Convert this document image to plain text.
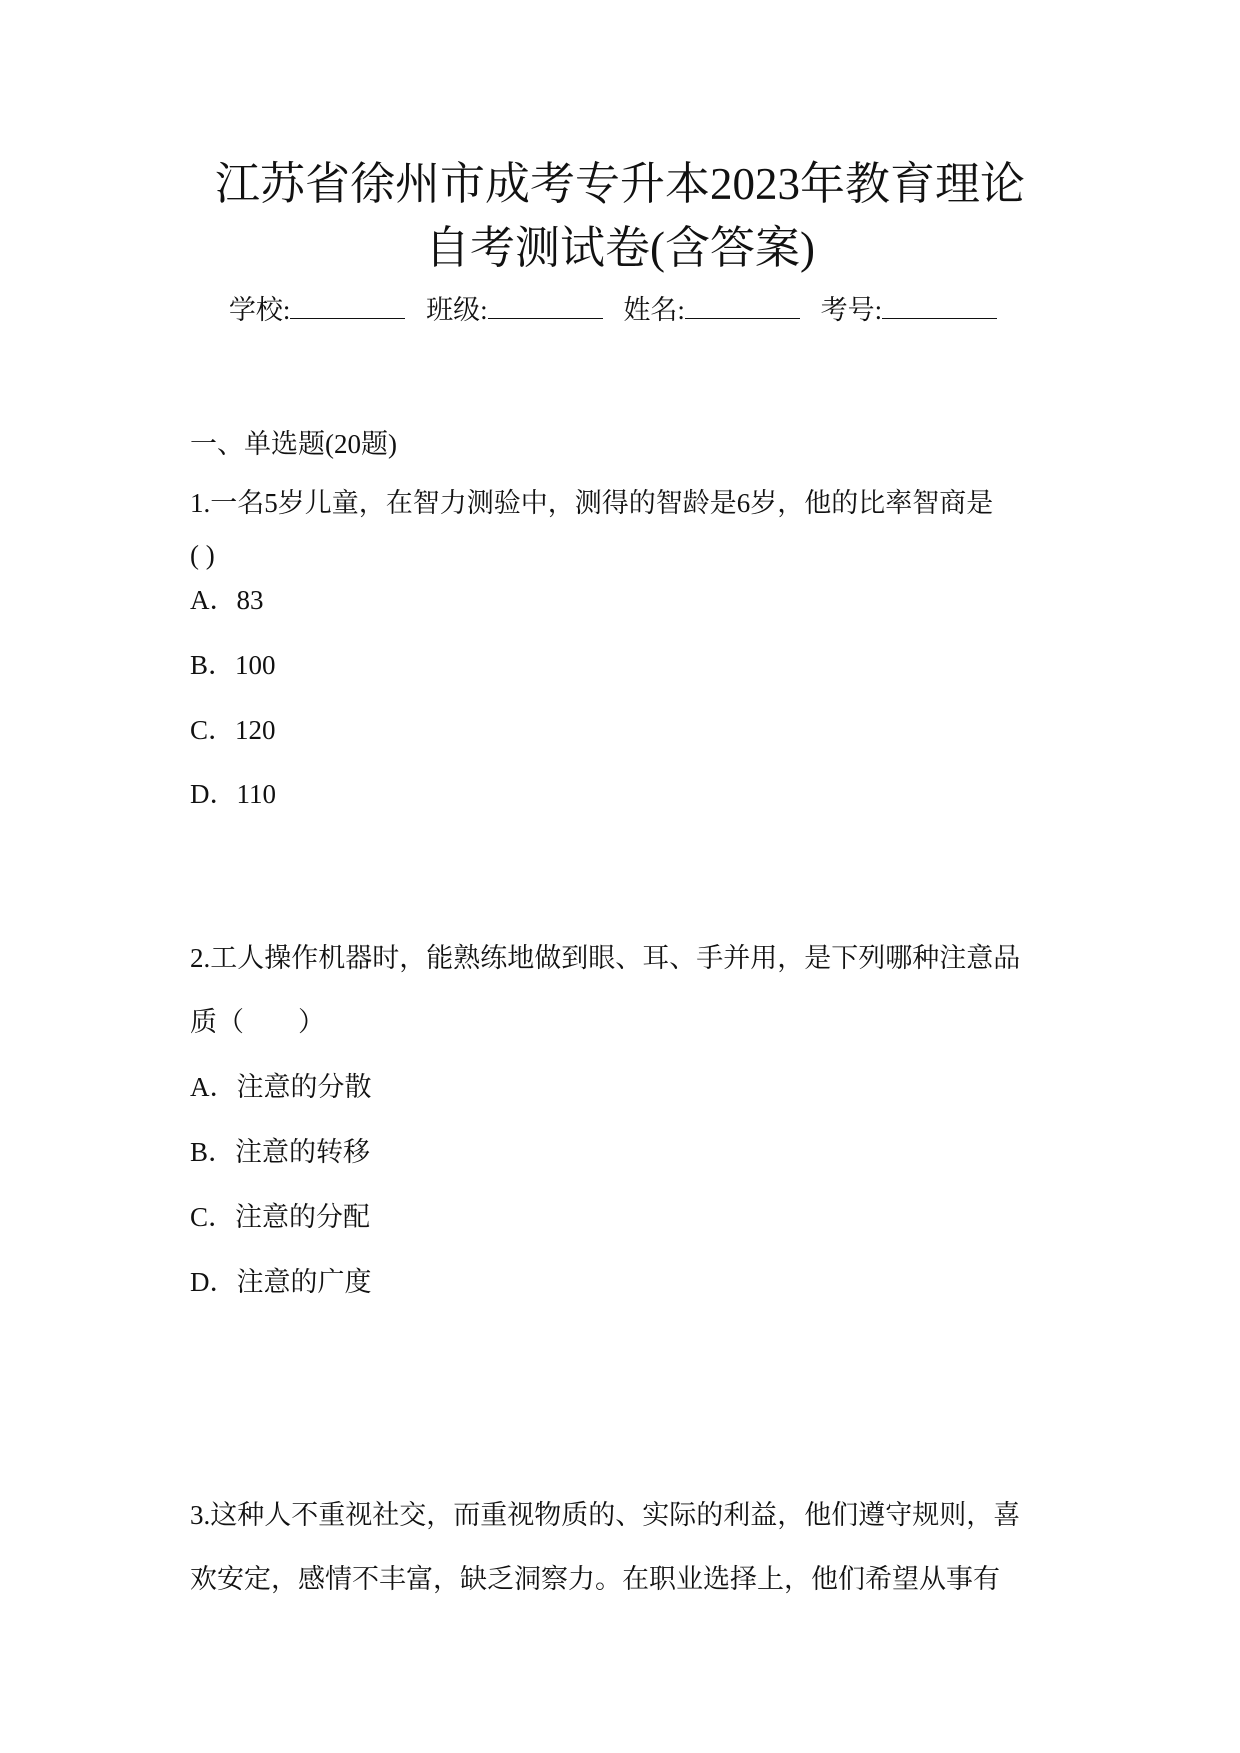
江苏省徐州市成考专升本2023年教育理论
自考测试卷(含答案)
学校:	班级:	姓名:	考号:
一、单选题(20题)
1.一名5岁儿童，在智力测验中，测得的智龄是6岁，他的比率智商是
( )
A．83
B．100
C．120
D．110
2.工人操作机器时，能熟练地做到眼、耳、手并用，是下列哪种注意品
质（　　）
A．注意的分散
B．注意的转移
C．注意的分配
D．注意的广度
3.这种人不重视社交，而重视物质的、实际的利益，他们遵守规则，喜
欢安定，感情不丰富，缺乏洞察力。在职业选择上，他们希望从事有
